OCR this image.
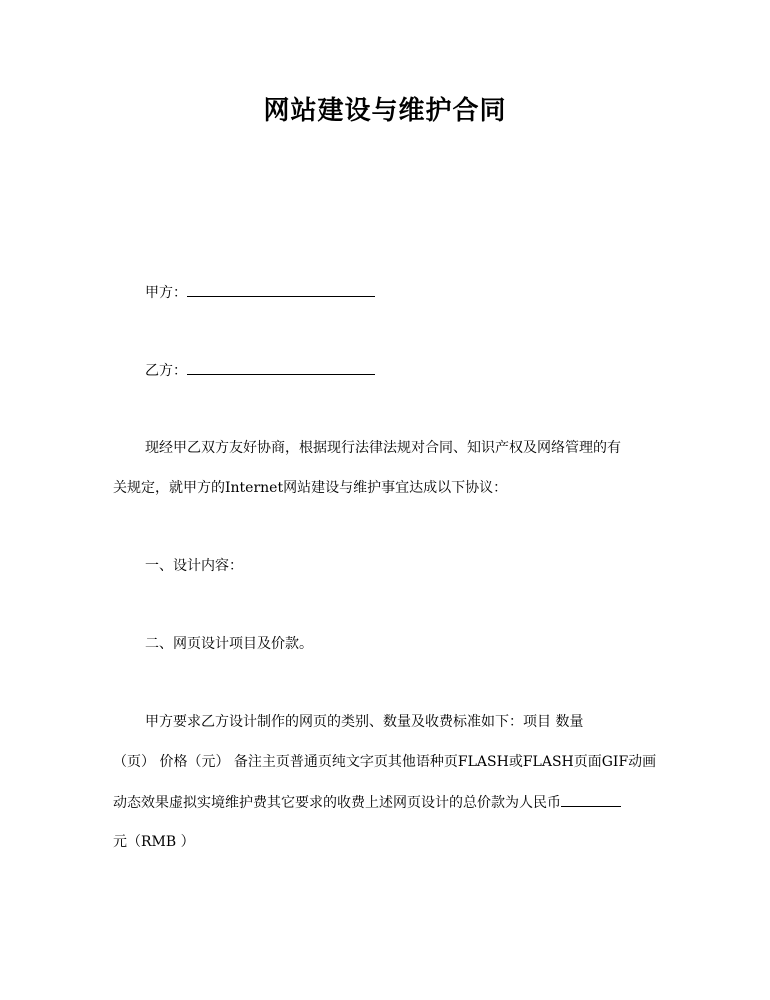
网站建设与维护合同
甲方：
乙方：
现经甲乙双方友好协商，根据现行法律法规对合同、知识产权及网络管理的有
关规定，就甲方的Internet网站建设与维护事宜达成以下协议：
一、设计内容：
二、网页设计项目及价款。
甲方要求乙方设计制作的网页的类别、数量及收费标准如下：项目 数量
（页） 价格（元） 备注主页普通页纯文字页其他语种页FLASH或FLASH页面GIF动画
动态效果虚拟实境维护费其它要求的收费上述网页设计的总价款为人民币
元（RMB ）
